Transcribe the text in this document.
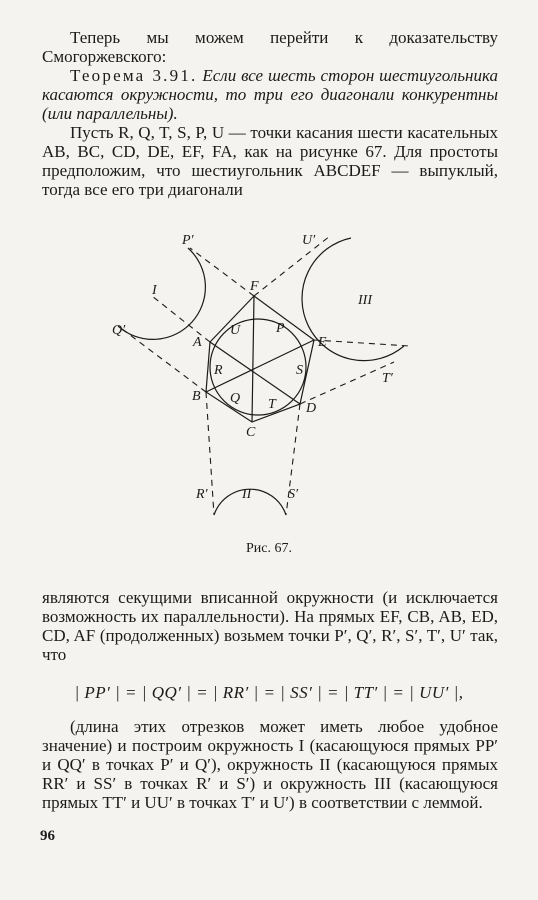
Теперь мы можем перейти к доказательству Смогоржевского:

Теорема 3.91. Если все шесть сторон шестиугольника касаются окружности, то три его диагонали конкурентны (или параллельны).

Пусть R, Q, T, S, P, U — точки касания шести касательных AB, BC, CD, DE, EF, FA, как на рисунке 67. Для простоты предположим, что шестиугольник ABCDEF — выпуклый, тогда все его три диагонали

P′	U′
Q′
T′
R′	S′
I
II
III
A
B
C
D
E
F
P
Q
R	S
T
U
Рис. 67.

являются секущими вписанной окружности (и исключается возможность их параллельности). На прямых EF, CB, AB, ED, CD, AF (продолженных) возьмем точки P′, Q′, R′, S′, T′, U′ так, что

| PP′ | = | QQ′ | = | RR′ | = | SS′ | = | TT′ | = | UU′ |,

(длина этих отрезков может иметь любое удобное значение) и построим окружность I (касающуюся прямых PP′ и QQ′ в точках P′ и Q′), окружность II (касающуюся прямых RR′ и SS′ в точках R′ и S′) и окружность III (касающуюся прямых TT′ и UU′ в точках T′ и U′) в соответствии с леммой.

96
